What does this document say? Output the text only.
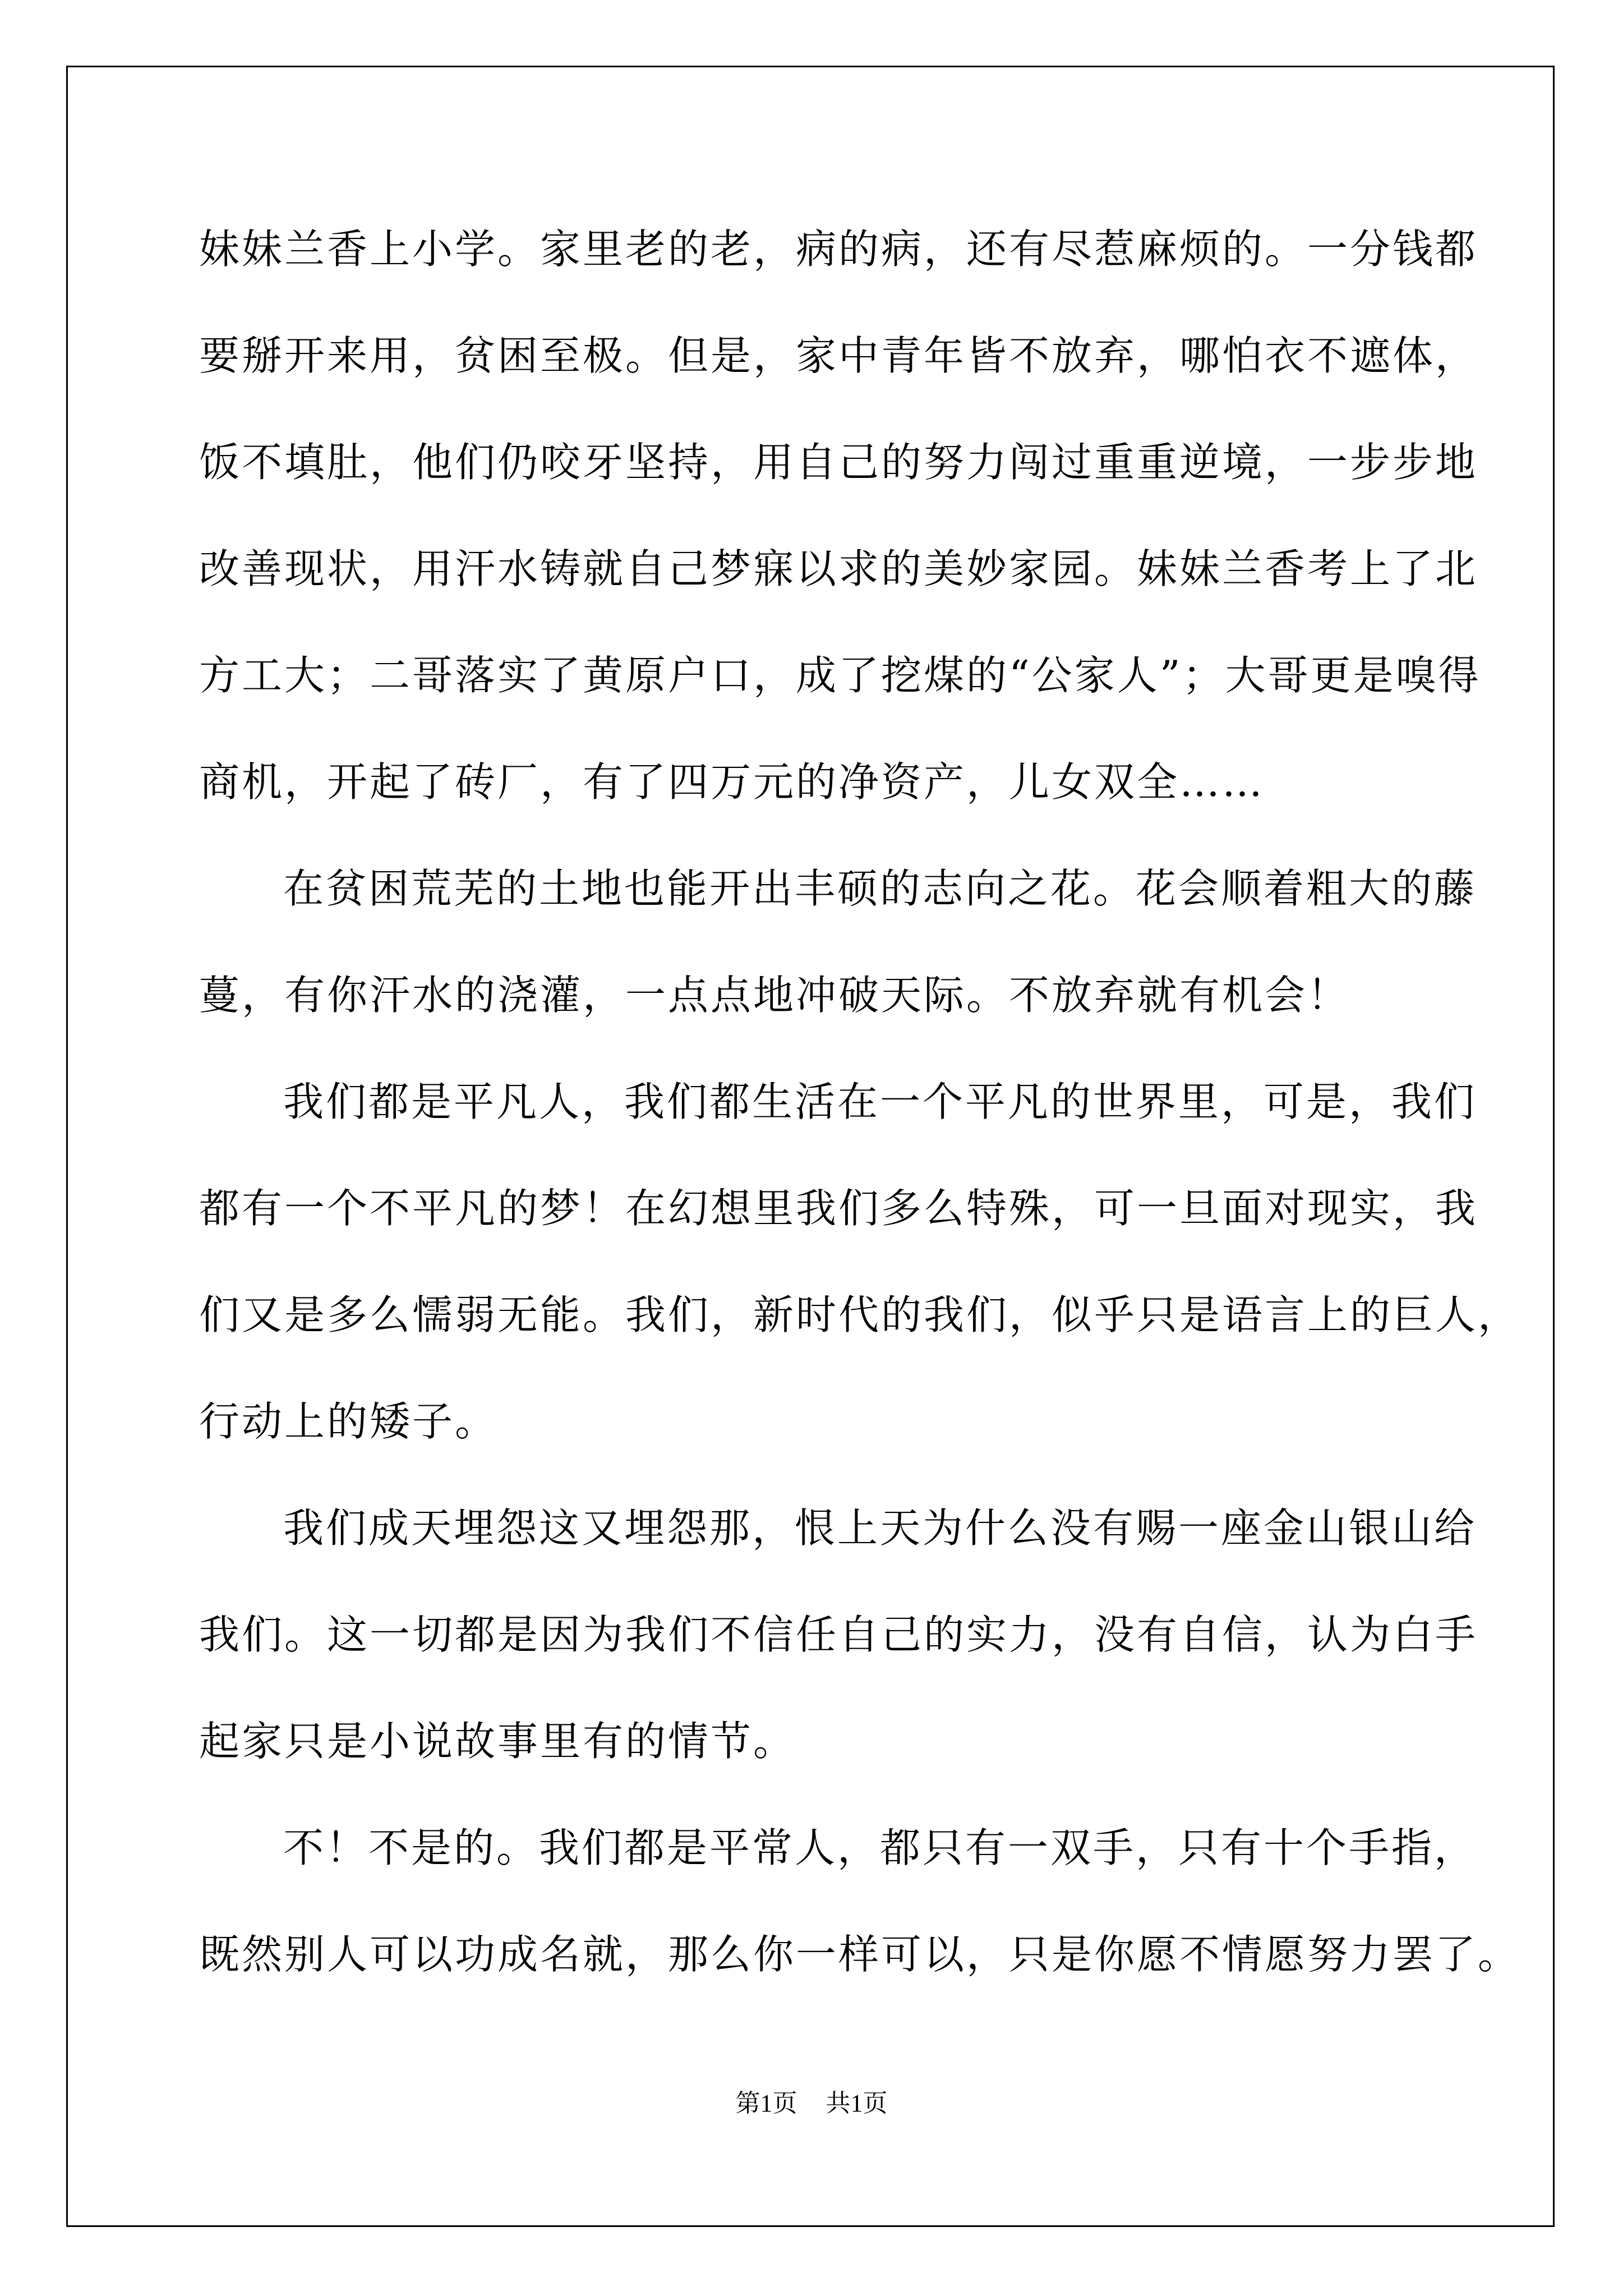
妹妹兰香上小学。家里老的老，病的病，还有尽惹麻烦的。一分钱都
要掰开来用，贫困至极。但是，家中青年皆不放弃，哪怕衣不遮体，
饭不填肚，他们仍咬牙坚持，用自己的努力闯过重重逆境，一步步地
改善现状，用汗水铸就自己梦寐以求的美妙家园。妹妹兰香考上了北
方工大；二哥落实了黄原户口，成了挖煤的“公家人”；大哥更是嗅得
商机，开起了砖厂，有了四万元的净资产，儿女双全……
在贫困荒芜的土地也能开出丰硕的志向之花。花会顺着粗大的藤
蔓，有你汗水的浇灌，一点点地冲破天际。不放弃就有机会！
我们都是平凡人，我们都生活在一个平凡的世界里，可是，我们
都有一个不平凡的梦！在幻想里我们多么特殊，可一旦面对现实，我
们又是多么懦弱无能。我们，新时代的我们，似乎只是语言上的巨人，
行动上的矮子。
我们成天埋怨这又埋怨那，恨上天为什么没有赐一座金山银山给
我们。这一切都是因为我们不信任自己的实力，没有自信，认为白手
起家只是小说故事里有的情节。
不！不是的。我们都是平常人，都只有一双手，只有十个手指，
既然别人可以功成名就，那么你一样可以，只是你愿不情愿努力罢了。
第1页 共1页
